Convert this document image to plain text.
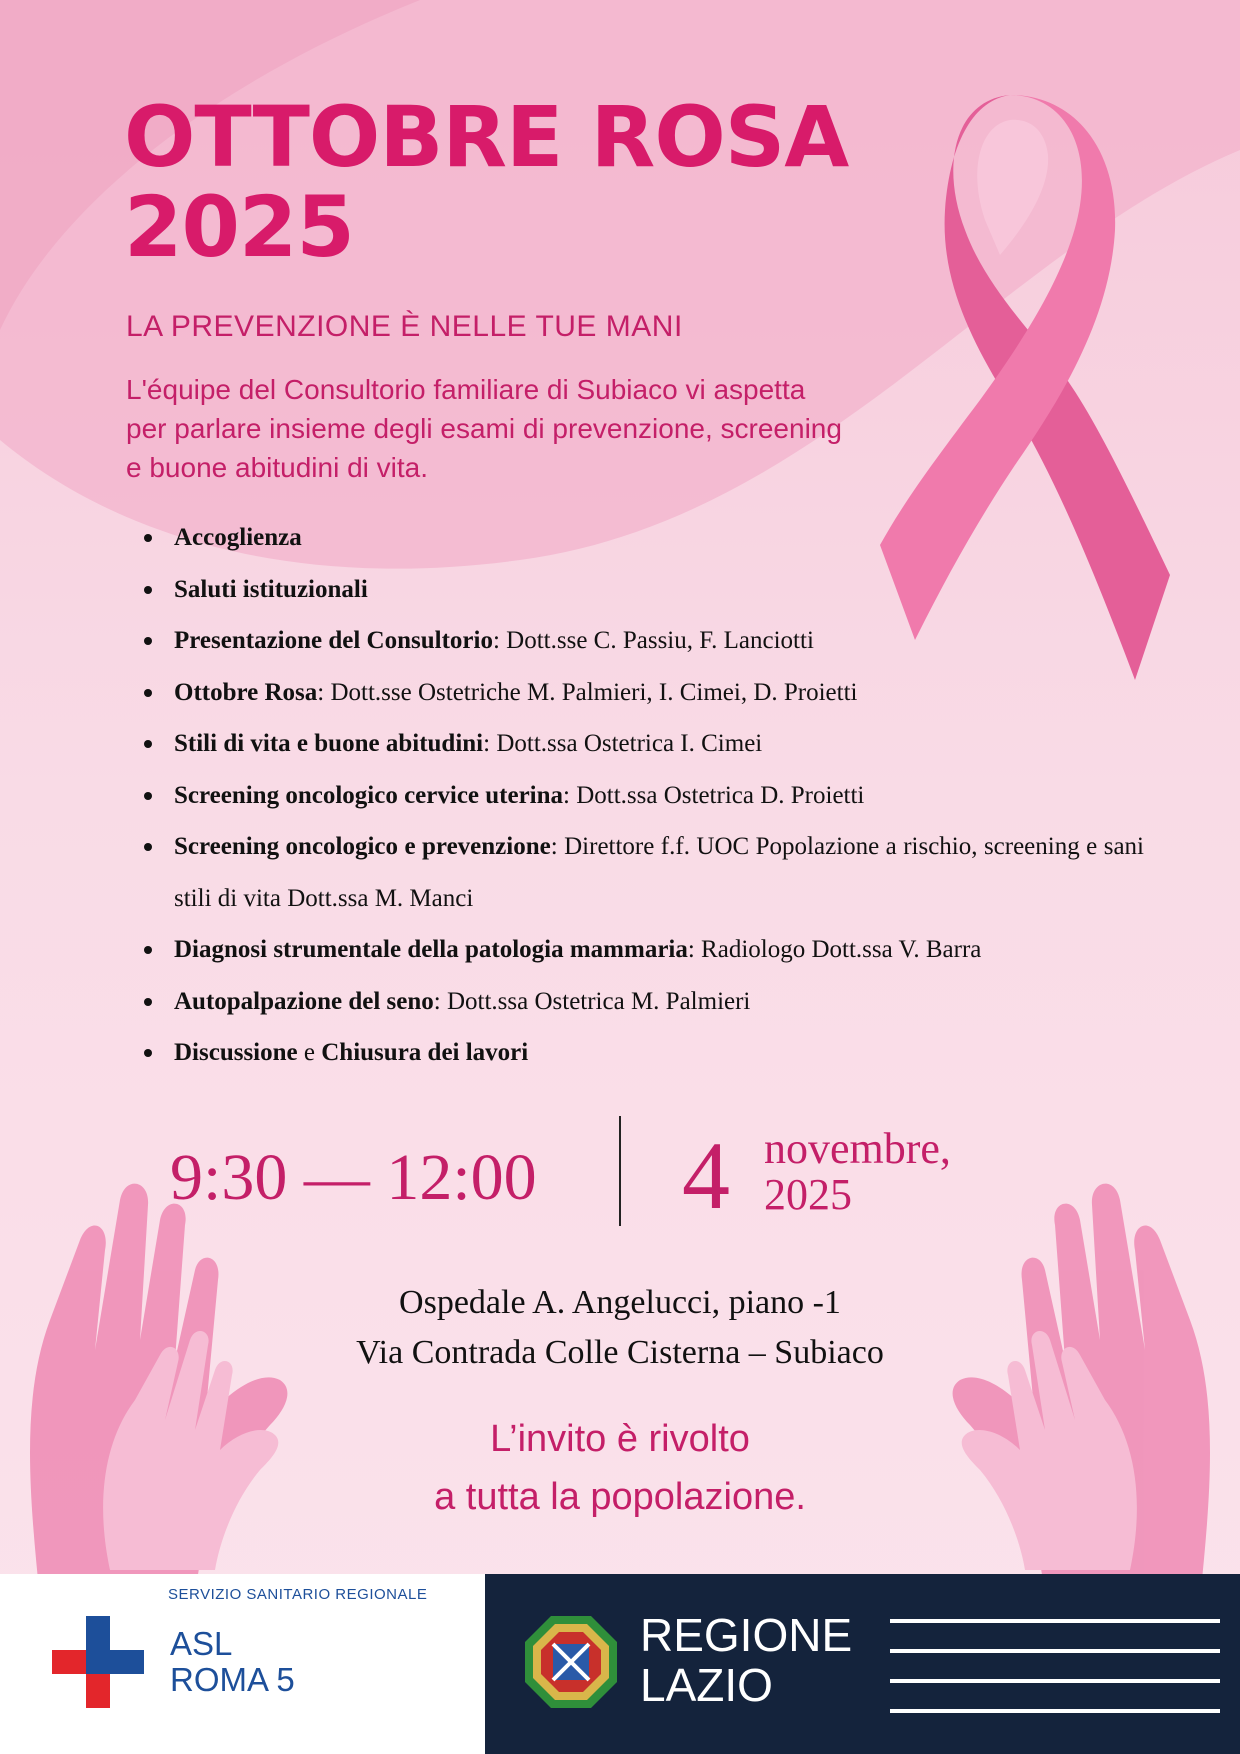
OTTOBRE ROSA
2025

LA PREVENZIONE È NELLE TUE MANI

L'équipe del Consultorio familiare di Subiaco vi aspetta
per parlare insieme degli esami di prevenzione, screening
e buone abitudini di vita.

Accoglienza
Saluti istituzionali
Presentazione del Consultorio: Dott.sse C. Passiu, F. Lanciotti
Ottobre Rosa: Dott.sse Ostetriche M. Palmieri, I. Cimei, D. Proietti
Stili di vita e buone abitudini: Dott.ssa Ostetrica I. Cimei
Screening oncologico cervice uterina: Dott.ssa Ostetrica D. Proietti
Screening oncologico e prevenzione: Direttore f.f. UOC Popolazione a rischio, screening e sani stili di vita Dott.ssa M. Manci
Diagnosi strumentale della patologia mammaria: Radiologo Dott.ssa V. Barra
Autopalpazione del seno: Dott.ssa Ostetrica M. Palmieri
Discussione e Chiusura dei lavori
9:30 — 12:00 4 novembre,
2025
Ospedale A. Angelucci, piano -1
Via Contrada Colle Cisterna – Subiaco
L’invito è rivolto
a tutta la popolazione.
SERVIZIO SANITARIO REGIONALE
ASL
ROMA 5
REGIONE
LAZIO
